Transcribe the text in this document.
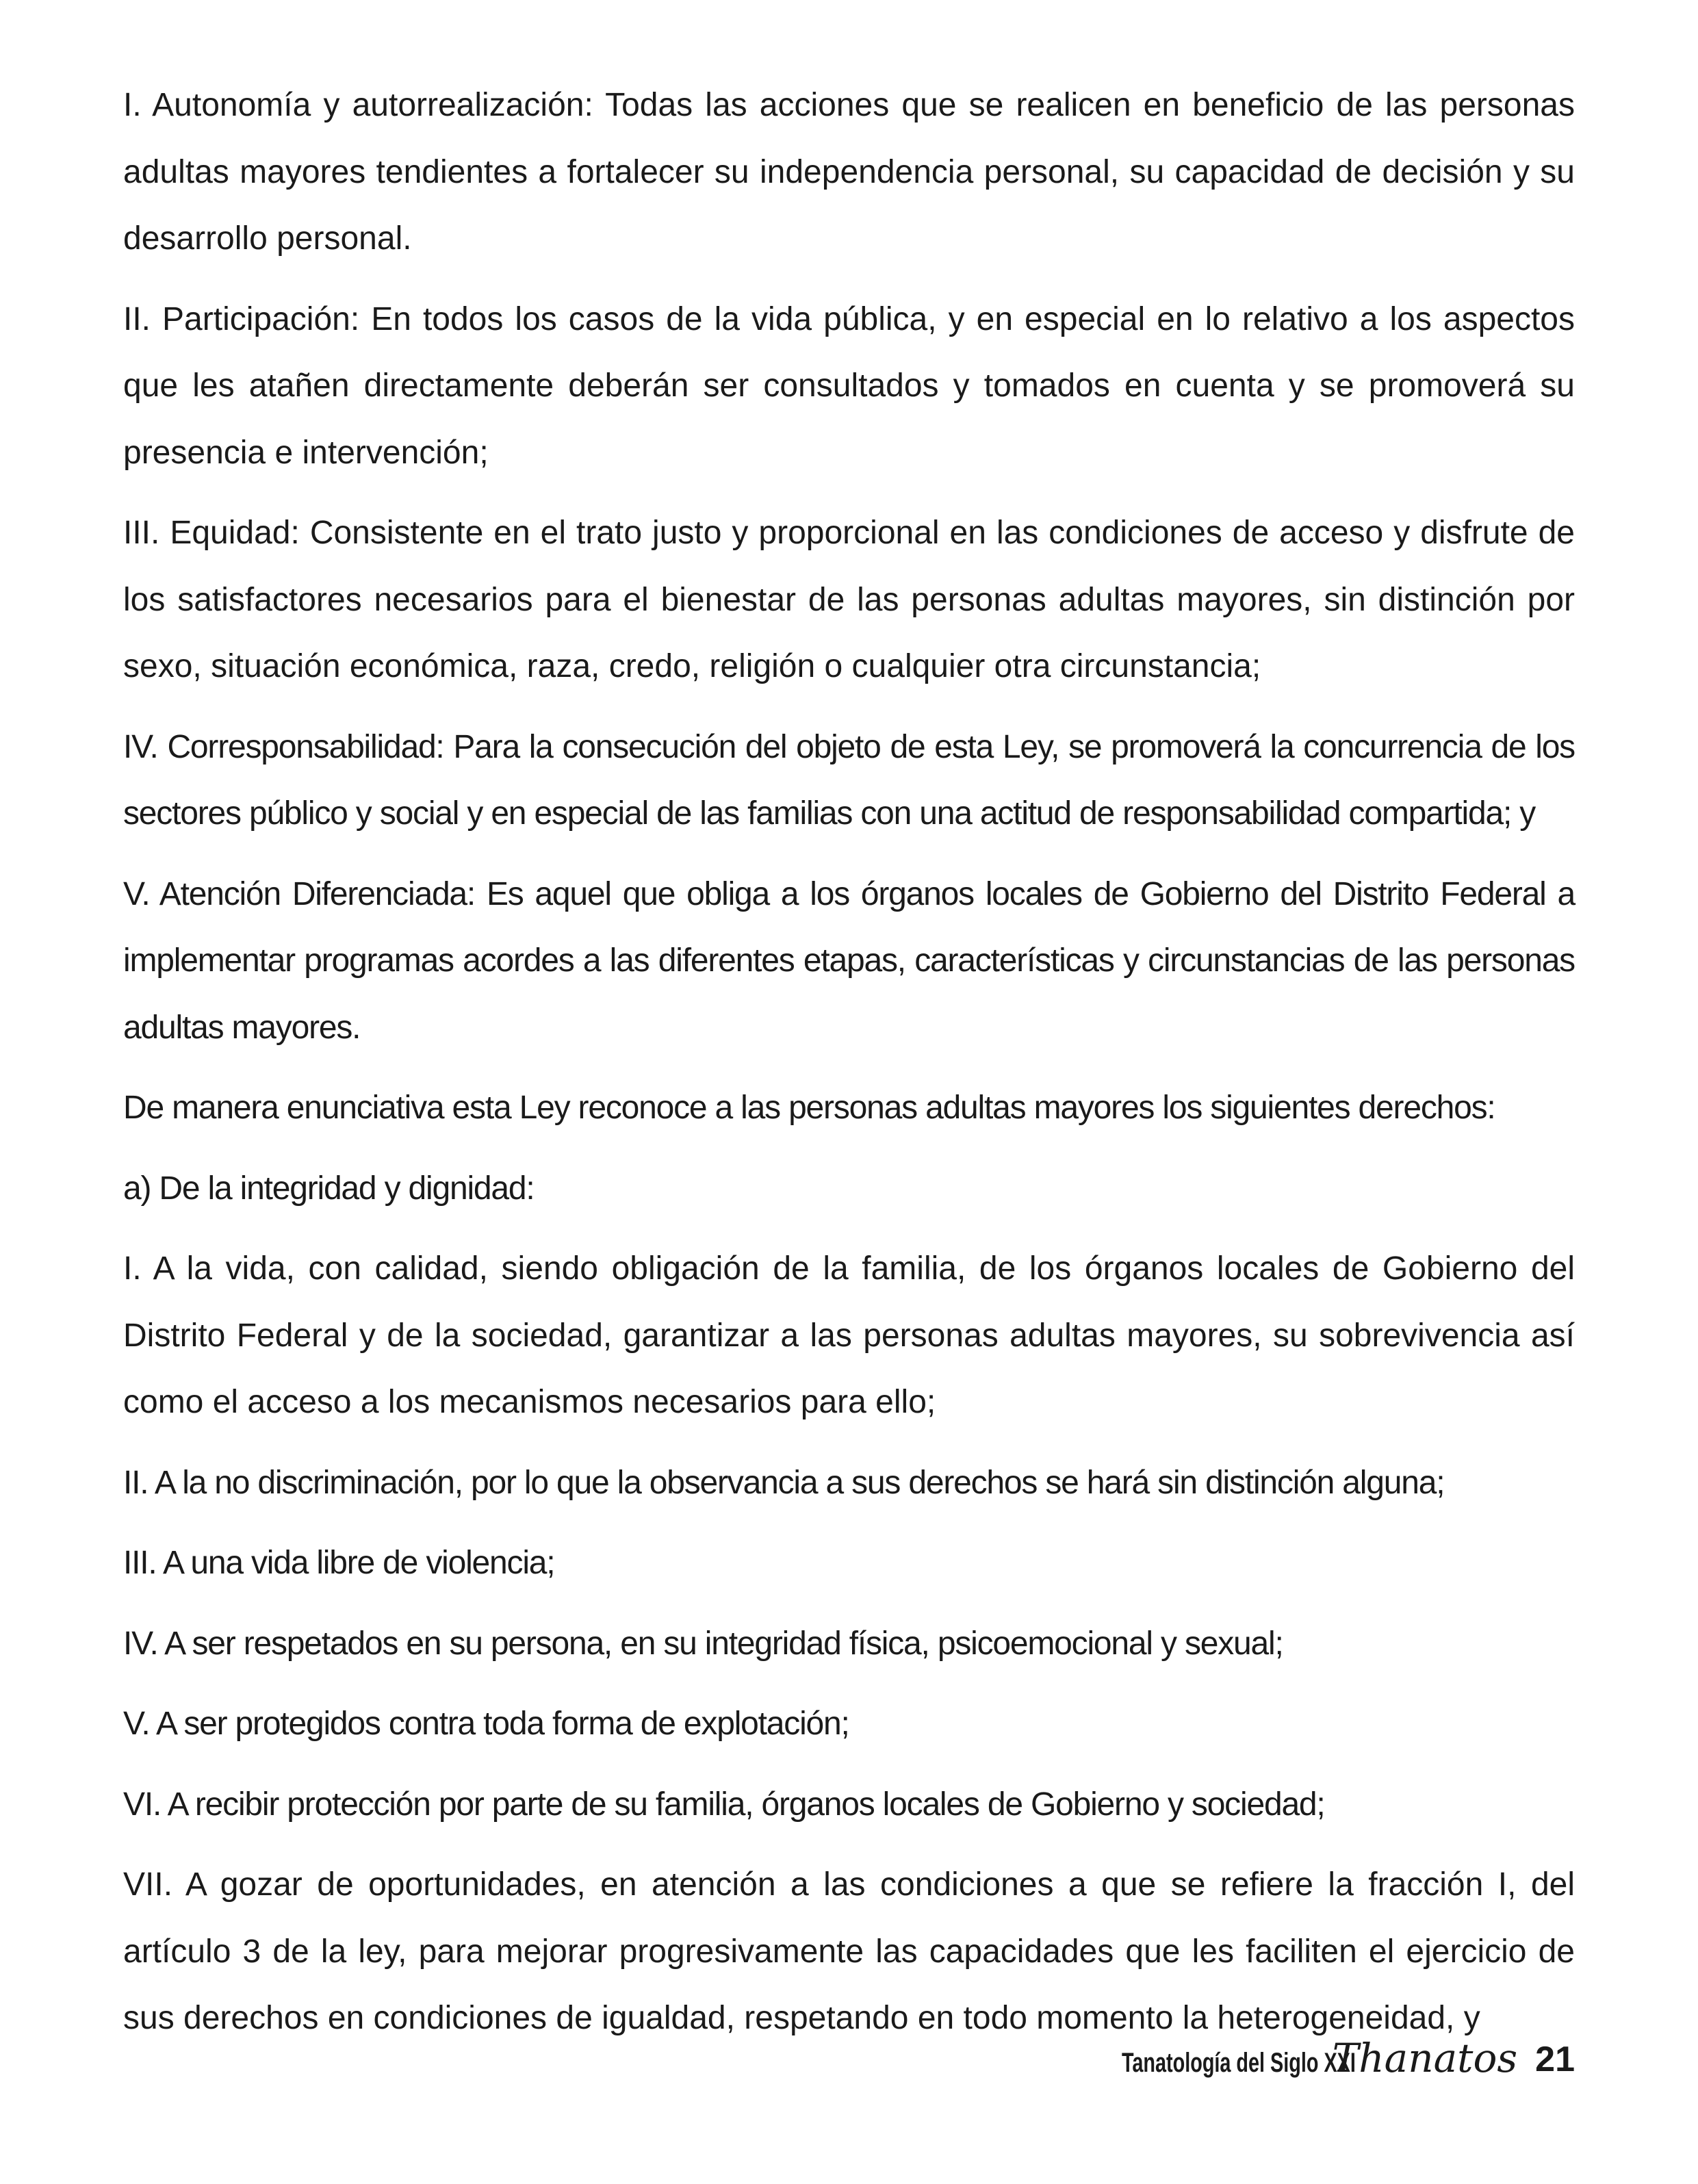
I. Autonomía y autorrealización: Todas las acciones que se realicen en beneficio de las personas adultas mayores tendientes a fortalecer su independencia personal, su capacidad de decisión y su desarrollo personal.

II. Participación: En todos los casos de la vida pública, y en especial en lo relativo a los aspectos que les atañen directamente deberán ser consultados y tomados en cuenta y se promoverá su presencia e intervención;

III. Equidad: Consistente en el trato justo y proporcional en las condiciones de acceso y disfrute de los satisfactores necesarios para el bienestar de las personas adultas mayores, sin distinción por sexo, situación económica, raza, credo, religión o cualquier otra circunstancia;

IV. Corresponsabilidad: Para la consecución del objeto de esta Ley, se promoverá la concurrencia de los sectores público y social y en especial de las familias con una actitud de responsabilidad compartida; y

V. Atención Diferenciada: Es aquel que obliga a los órganos locales de Gobierno del Distrito Federal a implementar programas acordes a las diferentes etapas, características y circunstancias de las personas adultas mayores.

De manera enunciativa esta Ley reconoce a las personas adultas mayores los siguientes derechos:

a) De la integridad y dignidad:

I. A la vida, con calidad, siendo obligación de la familia, de los órganos locales de Gobierno del Distrito Federal y de la sociedad, garantizar a las personas adultas mayores, su sobrevivencia así como el acceso a los mecanismos necesarios para ello;

II. A la no discriminación, por lo que la observancia a sus derechos se hará sin distinción alguna;

III. A una vida libre de violencia;

IV. A ser respetados en su persona, en su integridad física, psicoemocional y sexual;

V. A ser protegidos contra toda forma de explotación;

VI. A recibir protección por parte de su familia, órganos locales de Gobierno y sociedad;

VII. A gozar de oportunidades, en atención a las condiciones a que se refiere la fracción I, del artículo 3 de la ley, para mejorar progresivamente las capacidades que les faciliten el ejercicio de sus derechos en condiciones de igualdad, respetando en todo momento la heterogeneidad, y

Tanatología del Siglo XXI
Thanatos 21
